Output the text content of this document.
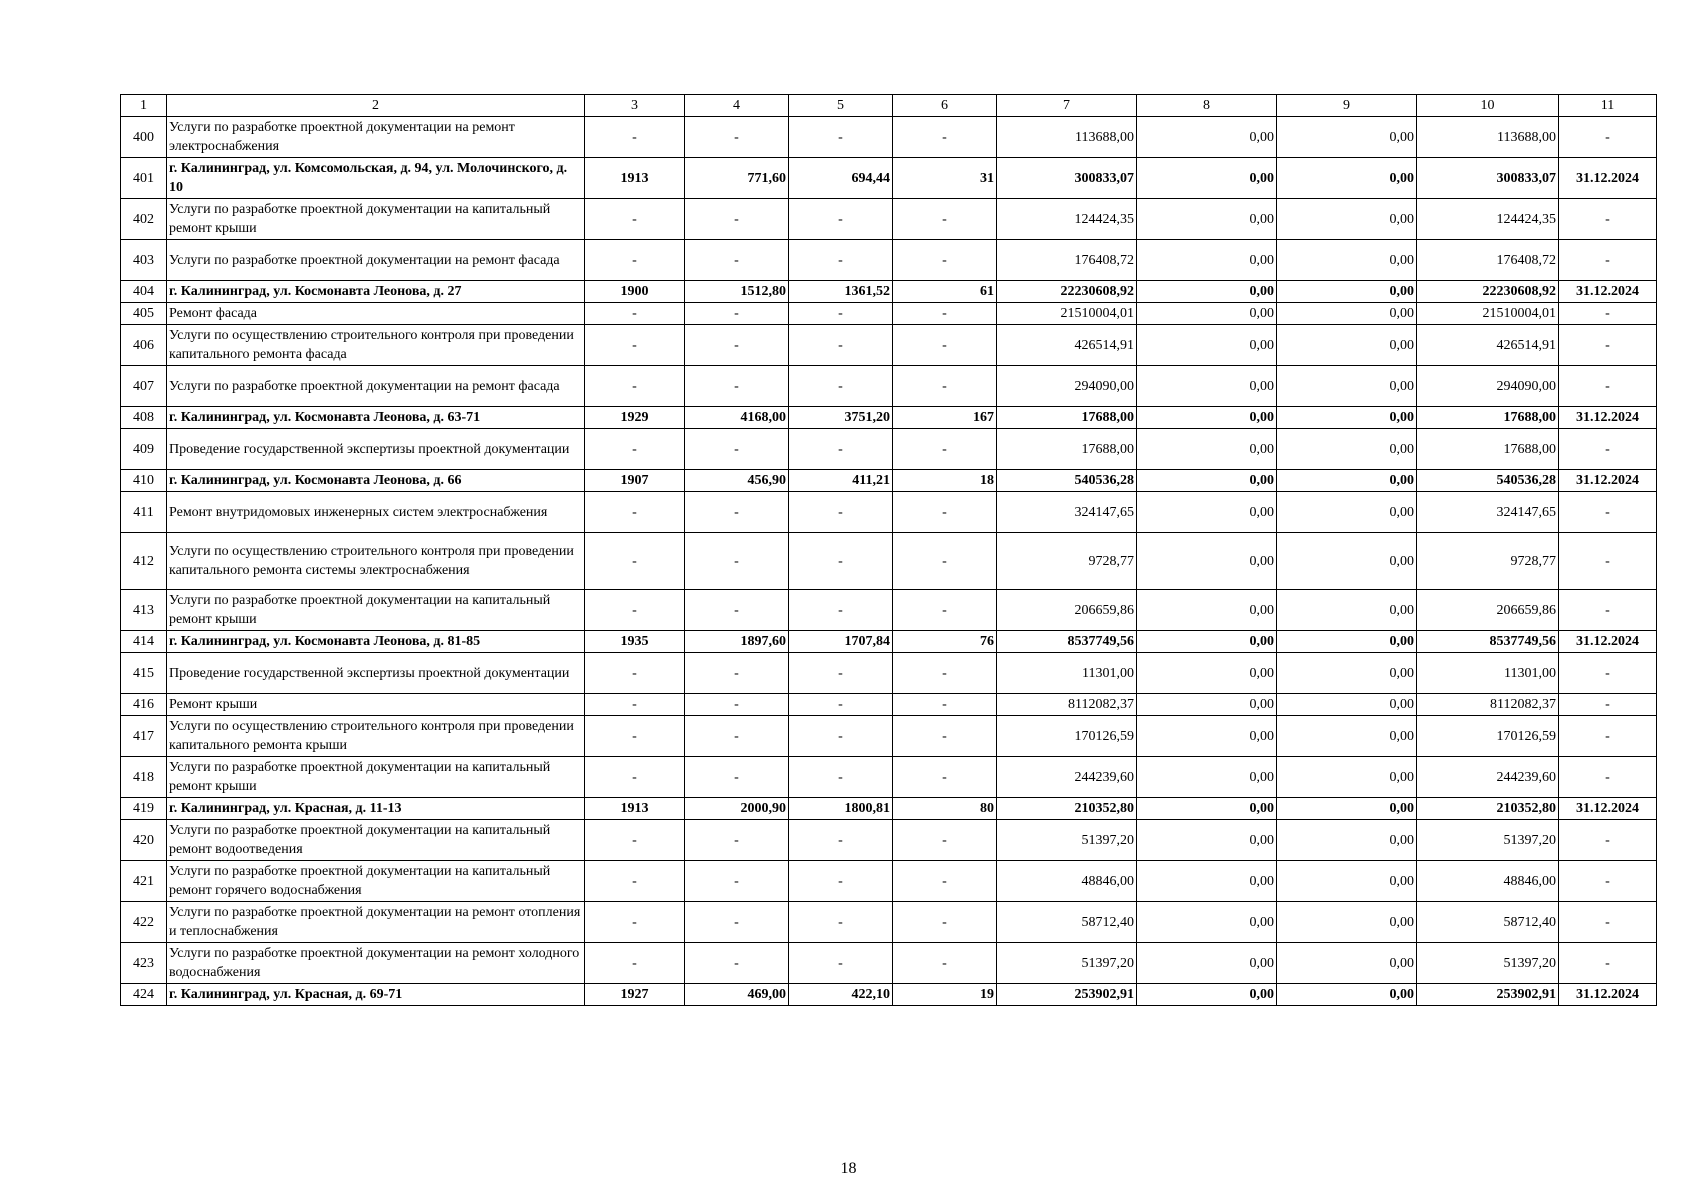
1	2	3	4	5	6	7	8	9	10	11
400	Услуги по разработке проектной документации на ремонт электроснабжения	-	-	-	-	113688,00	0,00	0,00	113688,00	-
401	г. Калининград, ул. Комсомольская, д. 94, ул. Молочинского, д. 10	1913	771,60	694,44	31	300833,07	0,00	0,00	300833,07	31.12.2024
402	Услуги по разработке проектной документации на капитальный ремонт крыши	-	-	-	-	124424,35	0,00	0,00	124424,35	-
403	Услуги по разработке проектной документации на ремонт фасада	-	-	-	-	176408,72	0,00	0,00	176408,72	-
404	г. Калининград, ул. Космонавта Леонова, д. 27	1900	1512,80	1361,52	61	22230608,92	0,00	0,00	22230608,92	31.12.2024
405	Ремонт фасада	-	-	-	-	21510004,01	0,00	0,00	21510004,01	-
406	Услуги по осуществлению строительного контроля при проведении капитального ремонта фасада	-	-	-	-	426514,91	0,00	0,00	426514,91	-
407	Услуги по разработке проектной документации на ремонт фасада	-	-	-	-	294090,00	0,00	0,00	294090,00	-
408	г. Калининград, ул. Космонавта Леонова, д. 63-71	1929	4168,00	3751,20	167	17688,00	0,00	0,00	17688,00	31.12.2024
409	Проведение государственной экспертизы проектной документации	-	-	-	-	17688,00	0,00	0,00	17688,00	-
410	г. Калининград, ул. Космонавта Леонова, д. 66	1907	456,90	411,21	18	540536,28	0,00	0,00	540536,28	31.12.2024
411	Ремонт внутридомовых инженерных систем электроснабжения	-	-	-	-	324147,65	0,00	0,00	324147,65	-
412	Услуги по осуществлению строительного контроля при проведении капитального ремонта системы электроснабжения	-	-	-	-	9728,77	0,00	0,00	9728,77	-
413	Услуги по разработке проектной документации на капитальный ремонт крыши	-	-	-	-	206659,86	0,00	0,00	206659,86	-
414	г. Калининград, ул. Космонавта Леонова, д. 81-85	1935	1897,60	1707,84	76	8537749,56	0,00	0,00	8537749,56	31.12.2024
415	Проведение государственной экспертизы проектной документации	-	-	-	-	11301,00	0,00	0,00	11301,00	-
416	Ремонт крыши	-	-	-	-	8112082,37	0,00	0,00	8112082,37	-
417	Услуги по осуществлению строительного контроля при проведении капитального ремонта крыши	-	-	-	-	170126,59	0,00	0,00	170126,59	-
418	Услуги по разработке проектной документации на капитальный ремонт крыши	-	-	-	-	244239,60	0,00	0,00	244239,60	-
419	г. Калининград, ул. Красная, д. 11-13	1913	2000,90	1800,81	80	210352,80	0,00	0,00	210352,80	31.12.2024
420	Услуги по разработке проектной документации на капитальный ремонт водоотведения	-	-	-	-	51397,20	0,00	0,00	51397,20	-
421	Услуги по разработке проектной документации на капитальный ремонт горячего водоснабжения	-	-	-	-	48846,00	0,00	0,00	48846,00	-
422	Услуги по разработке проектной документации на ремонт отопления и теплоснабжения	-	-	-	-	58712,40	0,00	0,00	58712,40	-
423	Услуги по разработке проектной документации на ремонт холодного водоснабжения	-	-	-	-	51397,20	0,00	0,00	51397,20	-
424	г. Калининград, ул. Красная, д. 69-71	1927	469,00	422,10	19	253902,91	0,00	0,00	253902,91	31.12.2024
18
